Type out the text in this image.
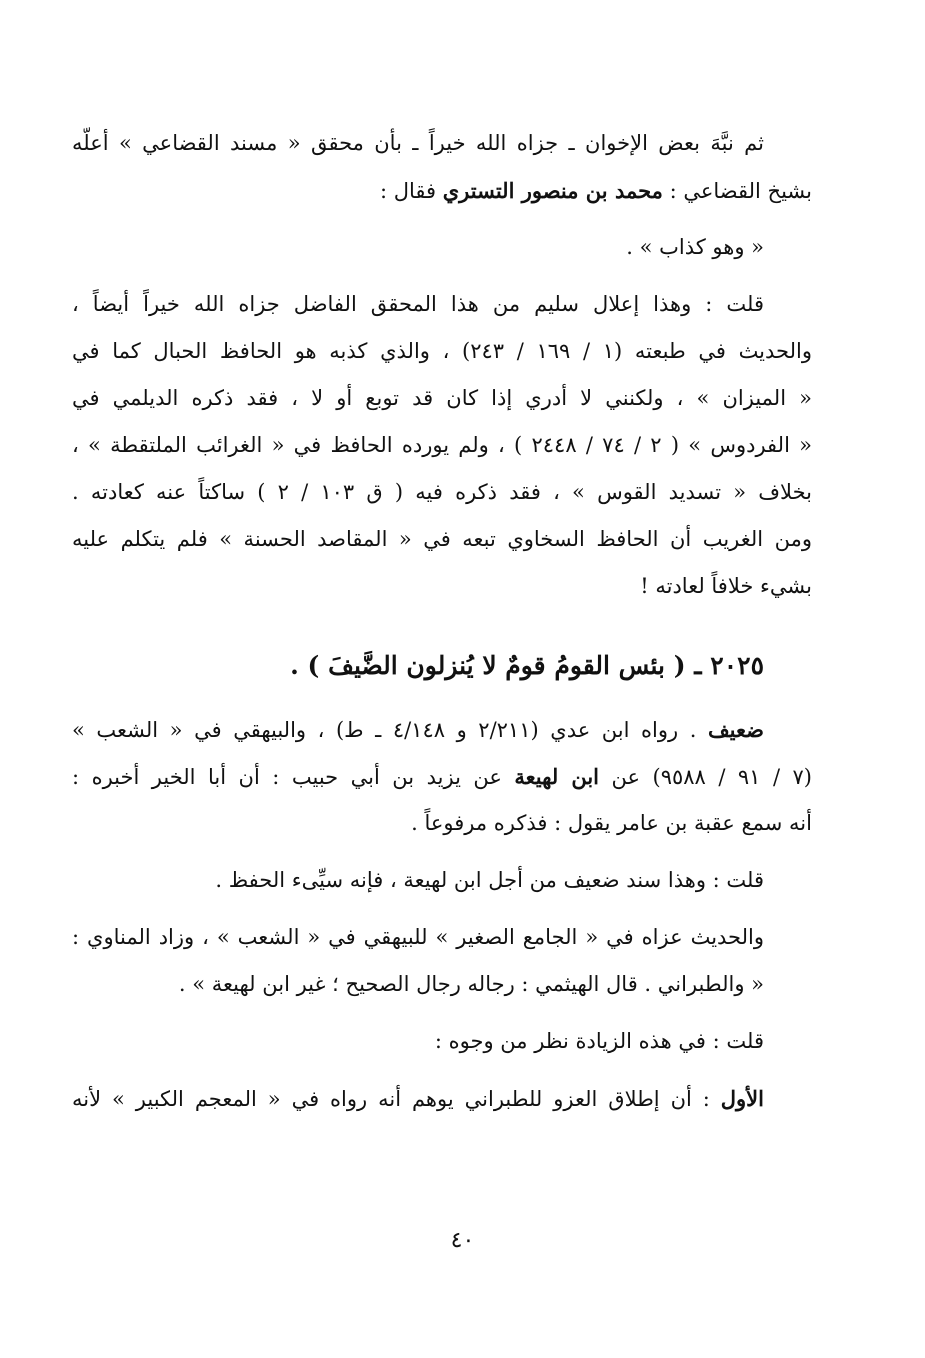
ثم نبَّهَ بعض الإخوان ـ جزاه الله خيراً ـ بأن محقق « مسند القضاعي » أعلّه
بشيخ القضاعي : محمد بن منصور التستري فقال :
« وهو كذاب » .
قلت : وهذا إعلال سليم من هذا المحقق الفاضل جزاه الله خيراً أيضاً ،
والحديث في طبعته (١ / ١٦٩ / ٢٤٣) ، والذي كذبه هو الحافظ الحبال كما في
« الميزان » ، ولكنني لا أدري إذا كان قد توبع أو لا ، فقد ذكره الديلمي في
« الفردوس » ( ٢ / ٧٤ / ٢٤٤٨ ) ، ولم يورده الحافظ في « الغرائب الملتقطة » ،
بخلاف « تسديد القوس » ، فقد ذكره فيه ( ق ١٠٣ / ٢ ) ساكتاً عنه كعادته .
ومن الغريب أن الحافظ السخاوي تبعه في « المقاصد الحسنة » فلم يتكلم عليه
بشيء خلافاً لعادته !
٢٠٢٥ ـ ( بئس القومُ قومٌ لا يُنزلون الضَّيفَ ) .
ضعيف . رواه ابن عدي (٢/٢١١ و ٤/١٤٨ ـ ط) ، والبيهقي في « الشعب »
(٧ / ٩١ / ٩٥٨٨) عن ابن لهيعة عن يزيد بن أبي حبيب : أن أبا الخير أخبره :
أنه سمع عقبة بن عامر يقول : فذكره مرفوعاً .
قلت : وهذا سند ضعيف من أجل ابن لهيعة ، فإنه سيِّىء الحفظ .
والحديث عزاه في « الجامع الصغير » للبيهقي في « الشعب » ، وزاد المناوي :
« والطبراني . قال الهيثمي : رجاله رجال الصحيح ؛ غير ابن لهيعة » .
قلت : في هذه الزيادة نظر من وجوه :
الأول : أن إطلاق العزو للطبراني يوهم أنه رواه في « المعجم الكبير » لأنه
٤٠
